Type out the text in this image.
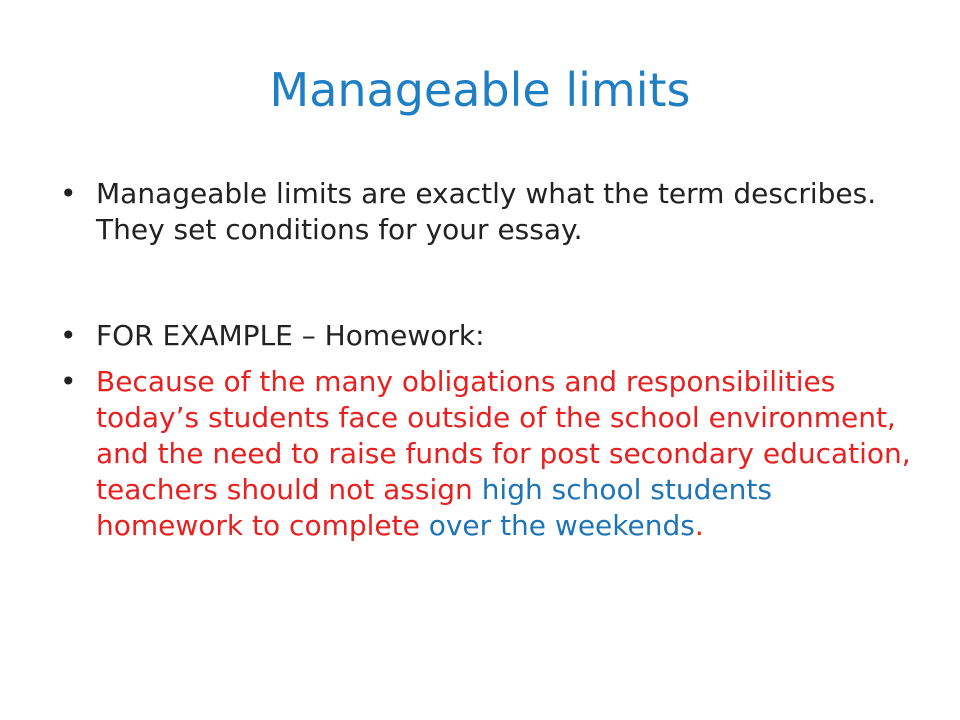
Manageable limits
• Manageable limits are exactly what the term describes. They set conditions for your essay.
• FOR EXAMPLE – Homework:
• Because of the many obligations and responsibilities today’s students face outside of the school environment, and the need to raise funds for post secondary education, teachers should not assign high school students homework to complete over the weekends.
